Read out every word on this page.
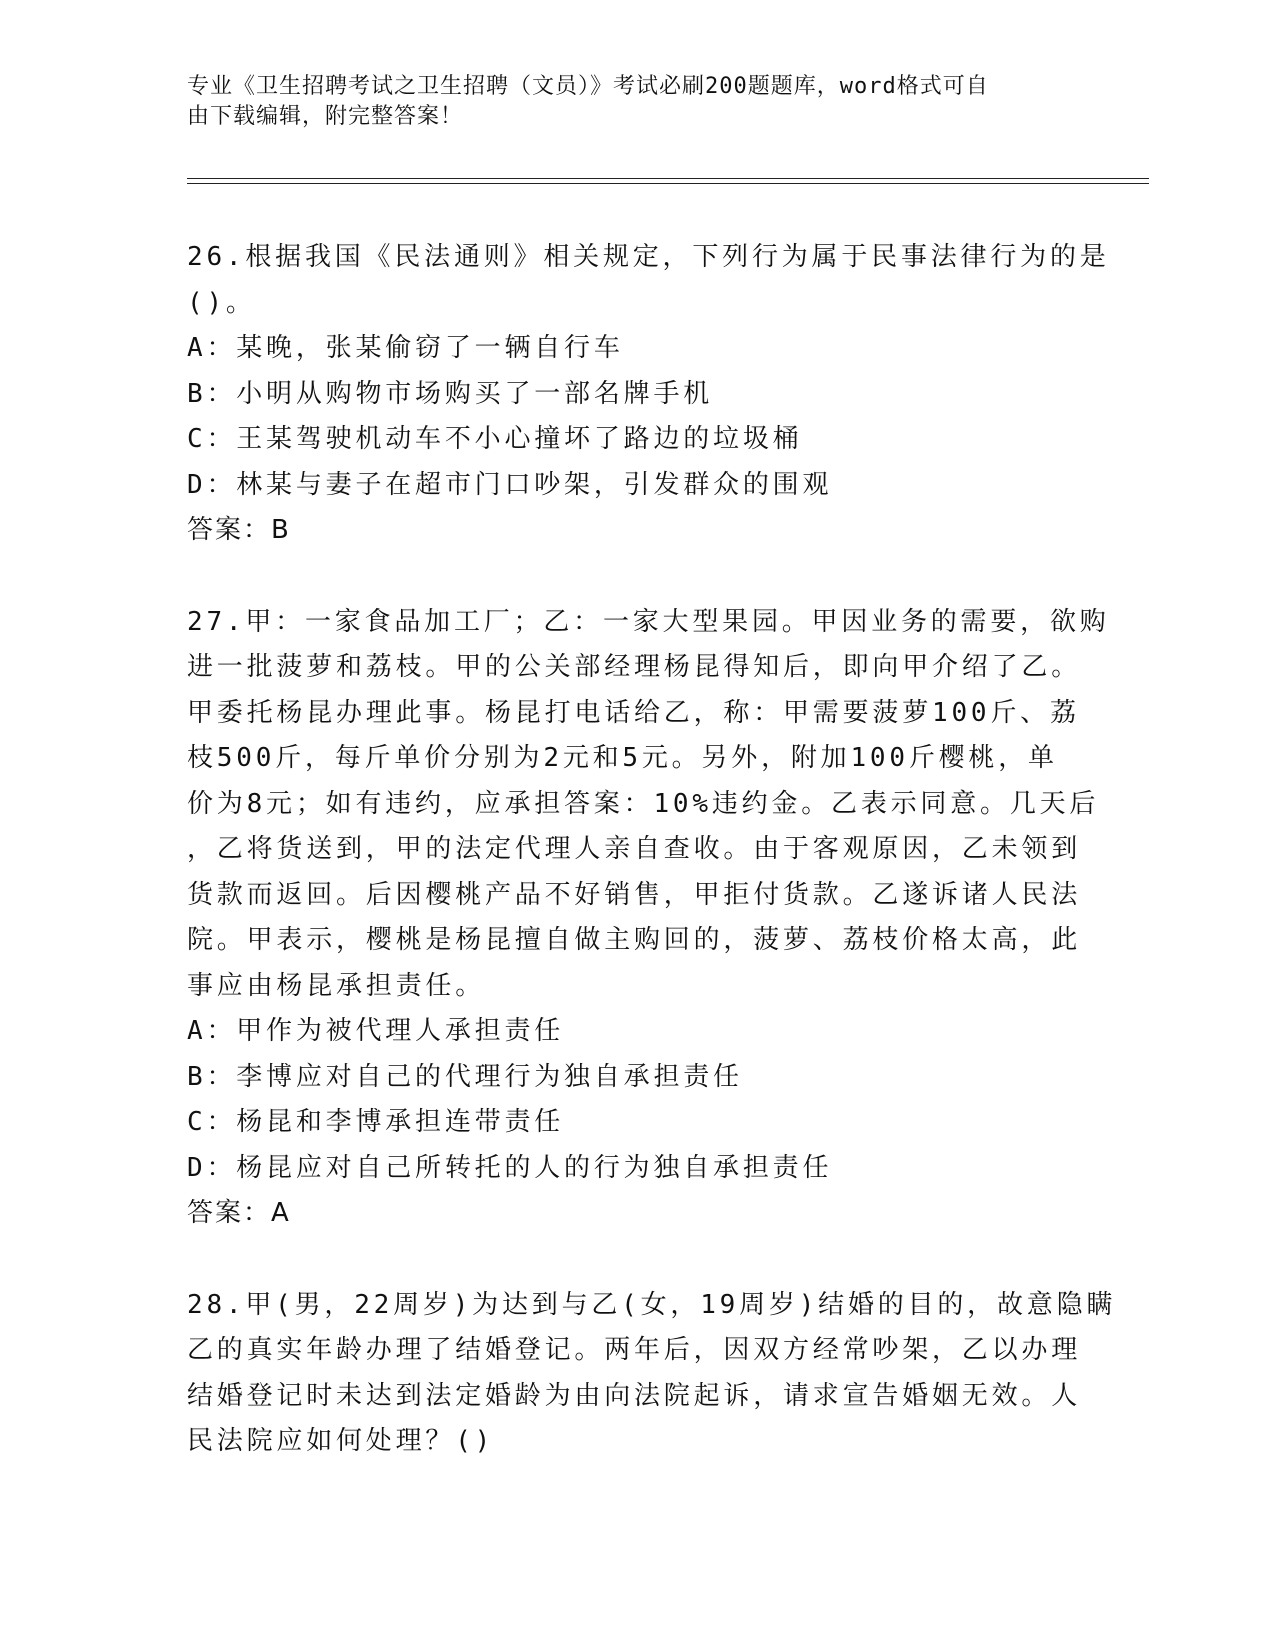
专业《卫生招聘考试之卫生招聘（文员）》考试必刷200题题库，word格式可自
由下载编辑，附完整答案！
26.根据我国《民法通则》相关规定，下列行为属于民事法律行为的是
()。
A：某晚，张某偷窃了一辆自行车
B：小明从购物市场购买了一部名牌手机
C：王某驾驶机动车不小心撞坏了路边的垃圾桶
D：林某与妻子在超市门口吵架，引发群众的围观
答案：B
27.甲：一家食品加工厂；乙：一家大型果园。甲因业务的需要，欲购
进一批菠萝和荔枝。甲的公关部经理杨昆得知后，即向甲介绍了乙。
甲委托杨昆办理此事。杨昆打电话给乙，称：甲需要菠萝100斤、荔
枝500斤，每斤单价分别为2元和5元。另外，附加100斤樱桃，单
价为8元；如有违约，应承担答案：10%违约金。乙表示同意。几天后
，乙将货送到，甲的法定代理人亲自查收。由于客观原因，乙未领到
货款而返回。后因樱桃产品不好销售，甲拒付货款。乙遂诉诸人民法
院。甲表示，樱桃是杨昆擅自做主购回的，菠萝、荔枝价格太高，此
事应由杨昆承担责任。
A：甲作为被代理人承担责任
B：李博应对自己的代理行为独自承担责任
C：杨昆和李博承担连带责任
D：杨昆应对自己所转托的人的行为独自承担责任
答案：A
28.甲(男，22周岁)为达到与乙(女，19周岁)结婚的目的，故意隐瞒
乙的真实年龄办理了结婚登记。两年后，因双方经常吵架，乙以办理
结婚登记时未达到法定婚龄为由向法院起诉，请求宣告婚姻无效。人
民法院应如何处理？()
